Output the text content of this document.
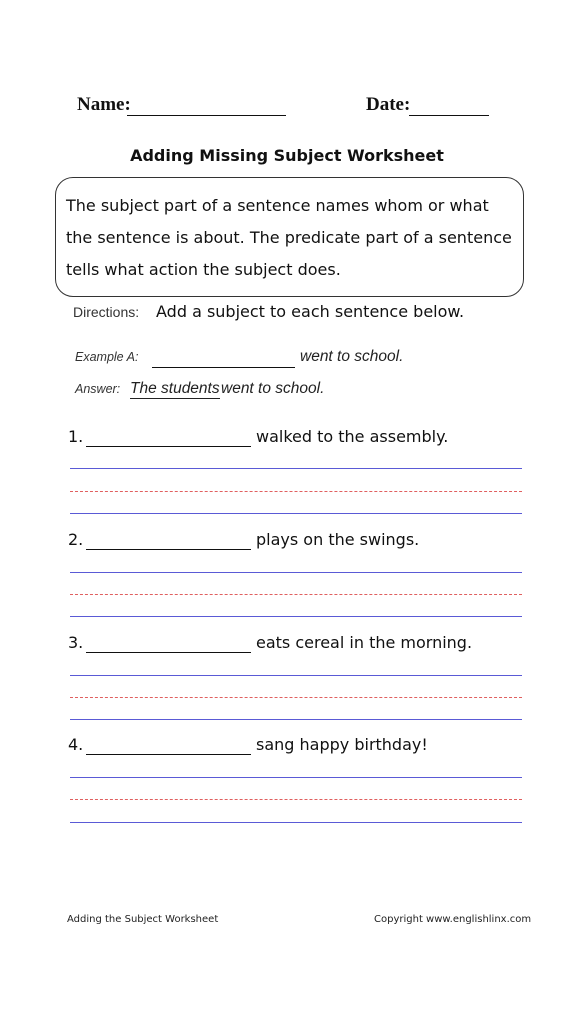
Name:	Date:
Adding Missing Subject Worksheet
The subject part of a sentence names whom or what the sentence is about. The predicate part of a sentence tells what action the subject does.
Directions: Add a subject to each sentence below.
Example A:	went to school.
Answer: The students went to school.
1.	walked to the assembly.
2.	plays on the swings.
3.	eats cereal in the morning.
4.	sang happy birthday!
Adding the Subject Worksheet	Copyright www.englishlinx.com
